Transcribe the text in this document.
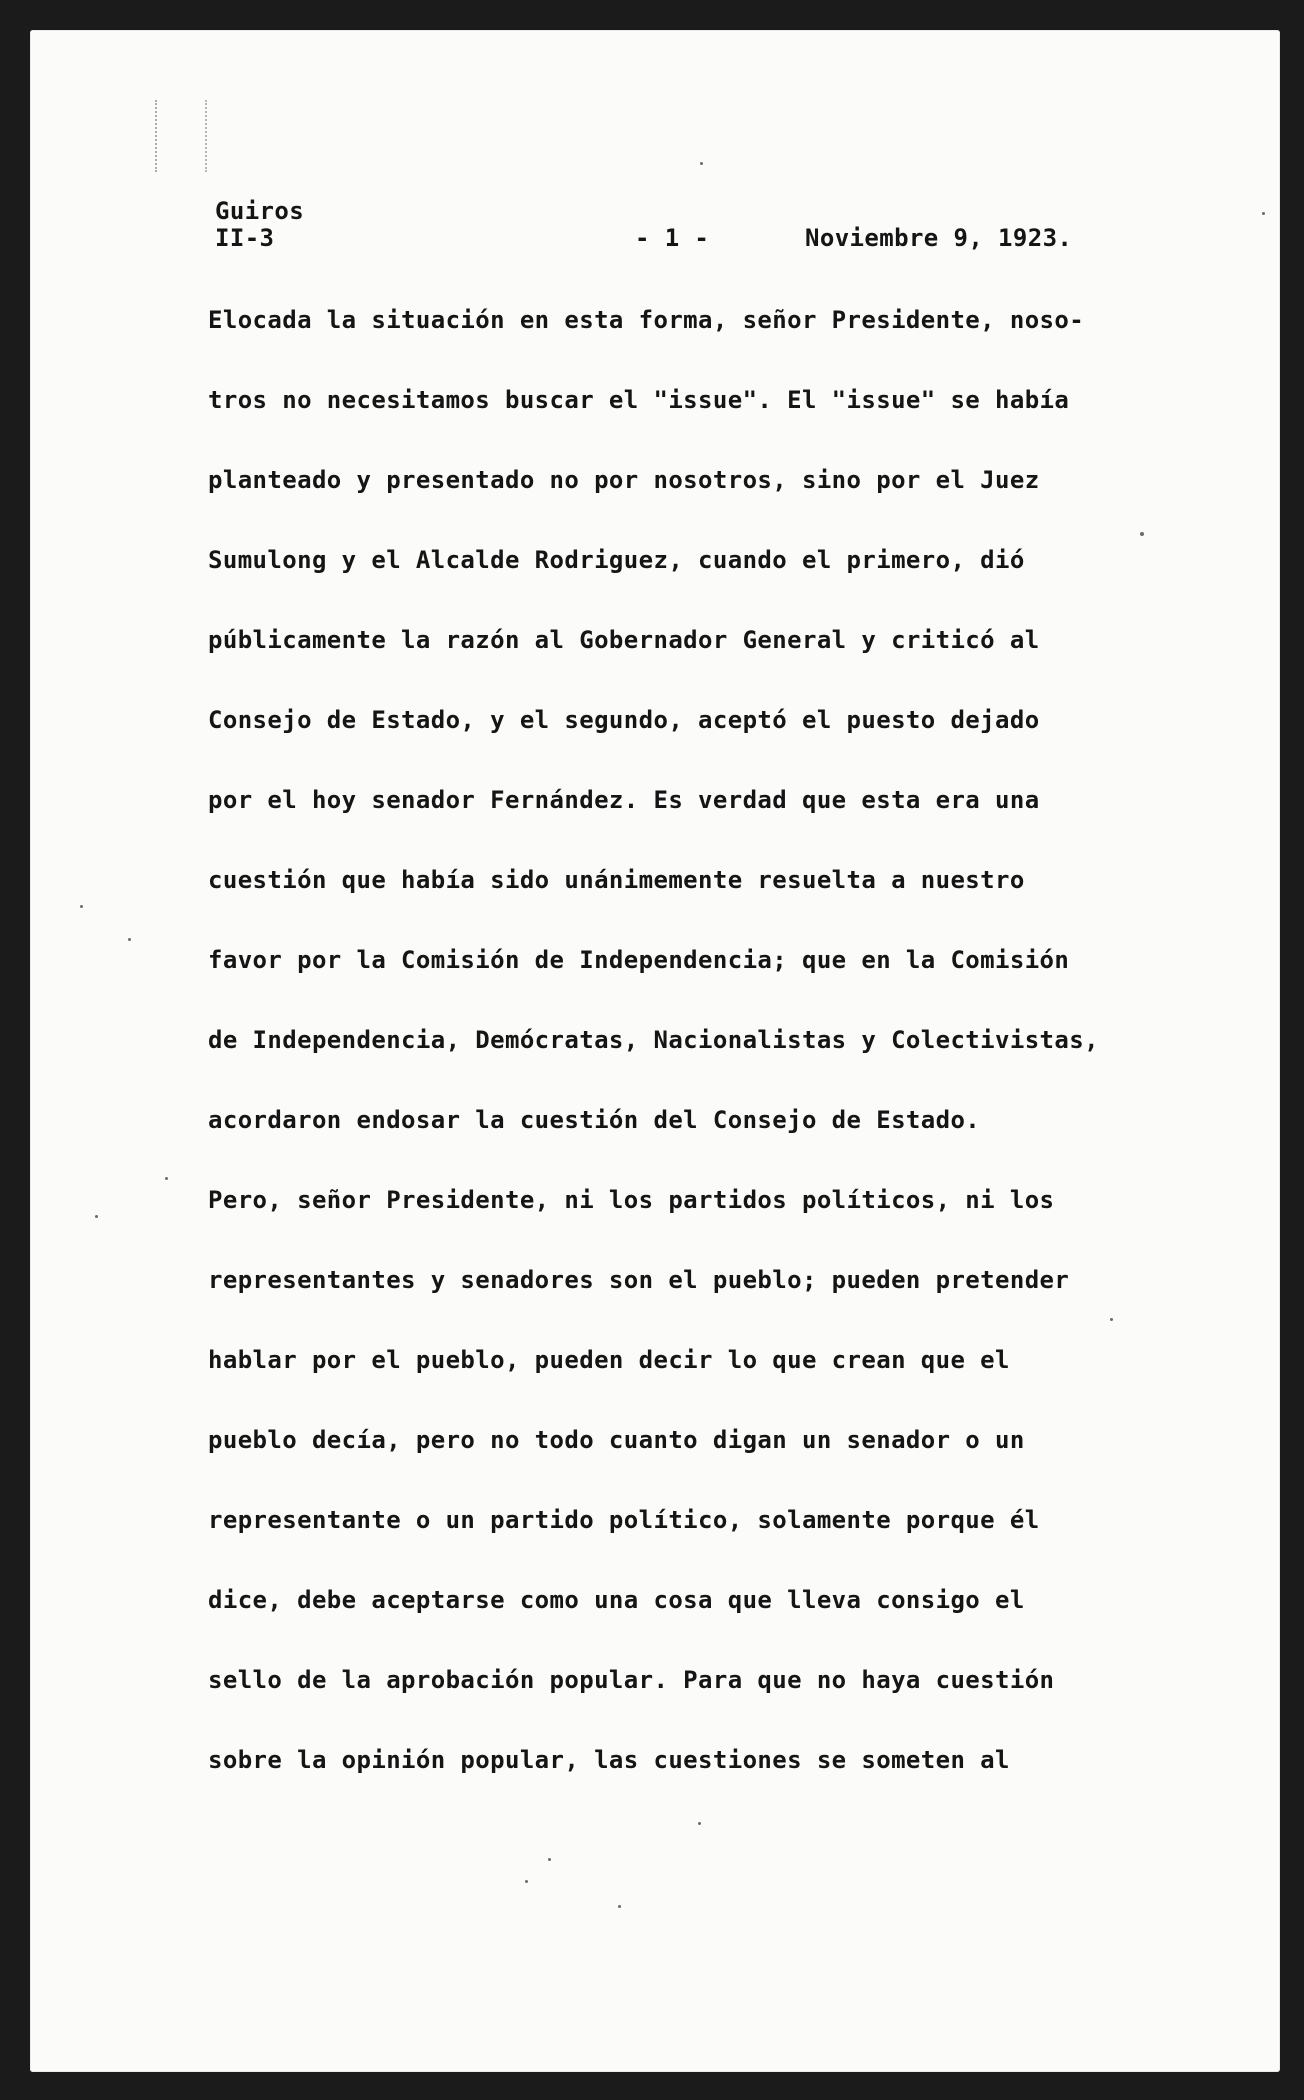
Guiros
II-3	- 1 -	Noviembre 9, 1923.
Elocada la situación en esta forma, señor Presidente, noso-
tros no necesitamos buscar el "issue". El "issue" se había
planteado y presentado no por nosotros, sino por el Juez
Sumulong y el Alcalde Rodriguez, cuando el primero, dió
públicamente la razón al Gobernador General y criticó al
Consejo de Estado, y el segundo, aceptó el puesto dejado
por el hoy senador Fernández. Es verdad que esta era una
cuestión que había sido unánimemente resuelta a nuestro
favor por la Comisión de Independencia; que en la Comisión
de Independencia, Demócratas, Nacionalistas y Colectivistas,
acordaron endosar la cuestión del Consejo de Estado.
Pero, señor Presidente, ni los partidos políticos, ni los
representantes y senadores son el pueblo; pueden pretender
hablar por el pueblo, pueden decir lo que crean que el
pueblo decía, pero no todo cuanto digan un senador o un
representante o un partido político, solamente porque él
dice, debe aceptarse como una cosa que lleva consigo el
sello de la aprobación popular. Para que no haya cuestión
sobre la opinión popular, las cuestiones se someten al
